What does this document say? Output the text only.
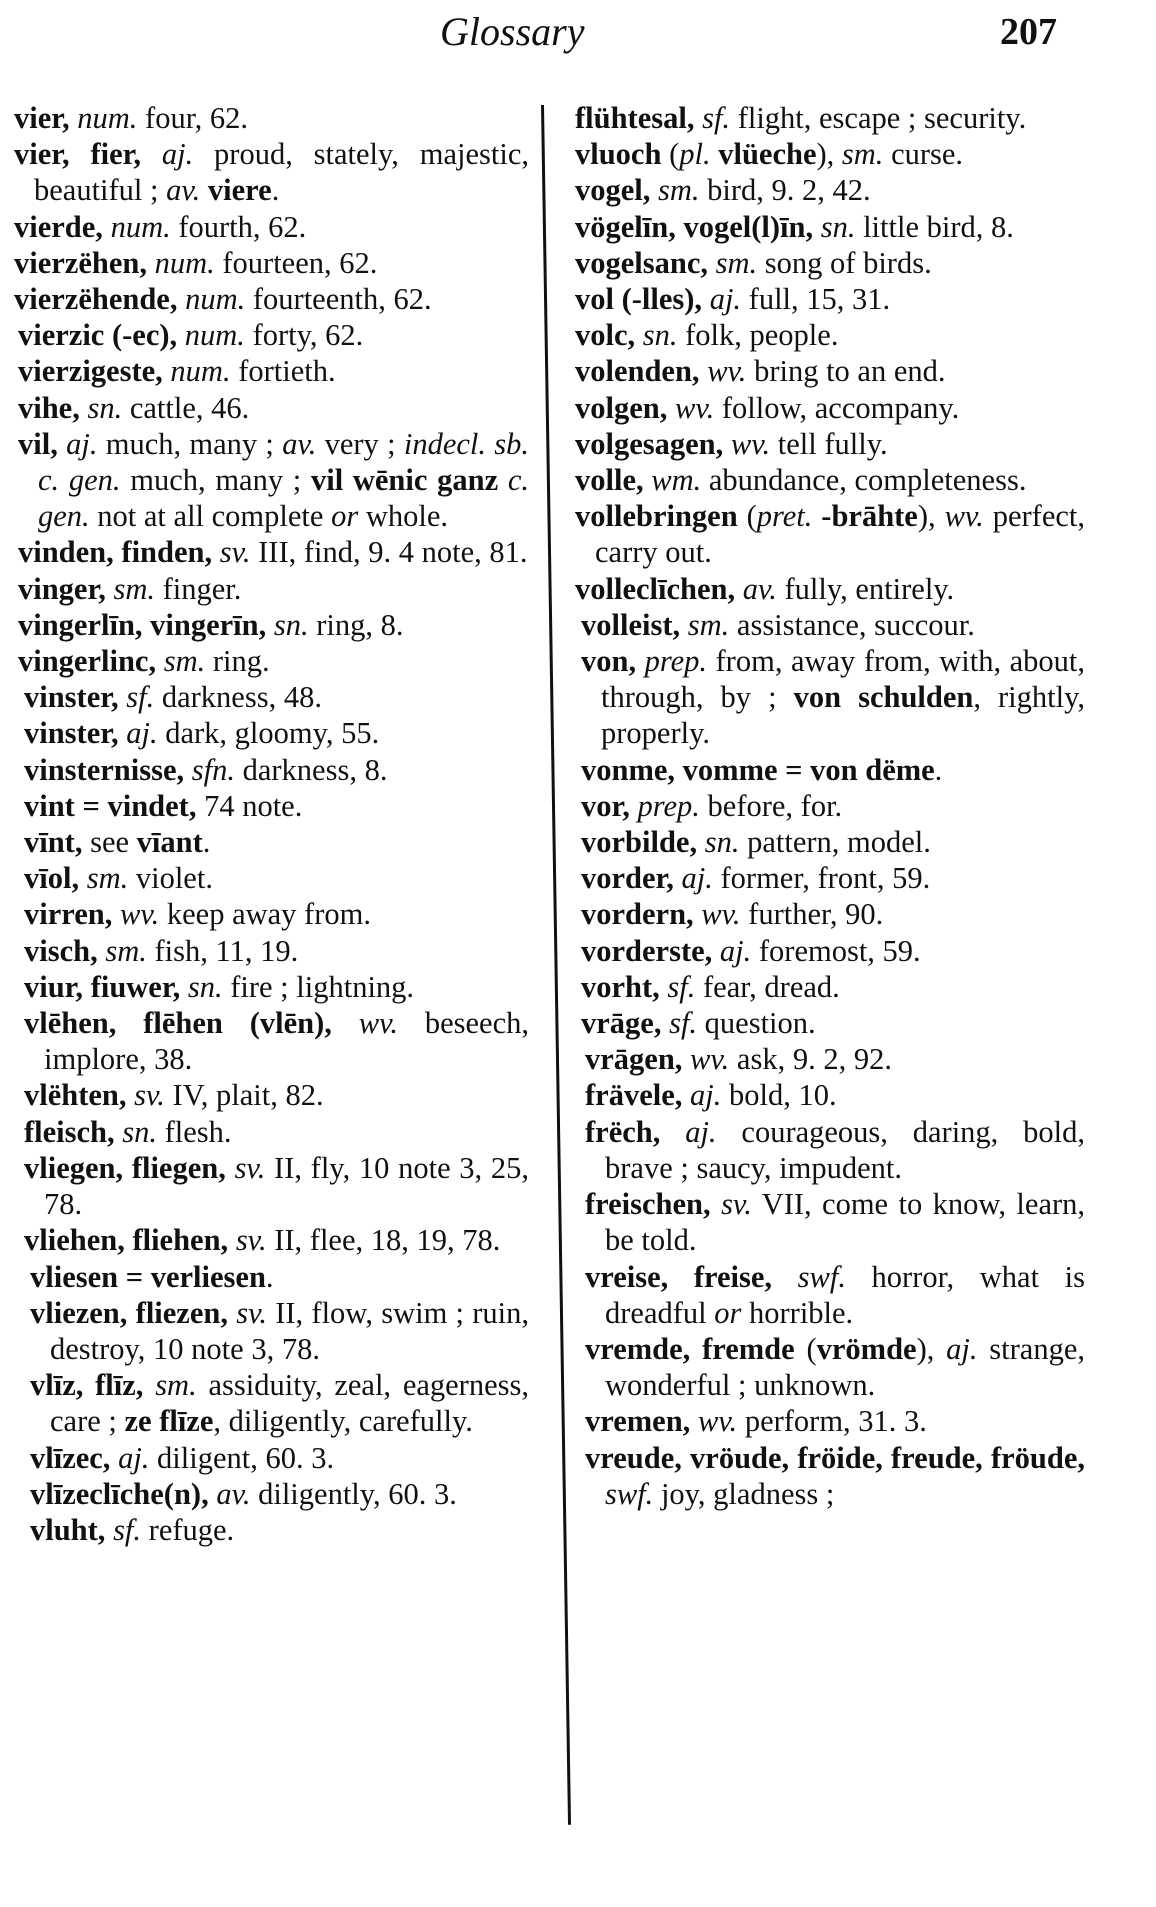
Glossary	207

vier, num. four, 62.

vier, fier, aj. proud, stately, majestic, beautiful ; av. viere.

vierde, num. fourth, 62.

vierzëhen, num. fourteen, 62.

vierzëhende, num. fourteenth, 62.

vierzic (-ec), num. forty, 62.

vierzigeste, num. fortieth.

vihe, sn. cattle, 46.

vil, aj. much, many ; av. very ; indecl. sb. c. gen. much, many ; vil wēnic ganz c. gen. not at all complete or whole.

vinden, finden, sv. III, find, 9. 4 note, 81.

vinger, sm. finger.

vingerlīn, vingerīn, sn. ring, 8.

vingerlinc, sm. ring.

vinster, sf. darkness, 48.

vinster, aj. dark, gloomy, 55.

vinsternisse, sfn. darkness, 8.

vint = vindet, 74 note.

vīnt, see vīant.

vīol, sm. violet.

virren, wv. keep away from.

visch, sm. fish, 11, 19.

viur, fiuwer, sn. fire ; lightning.

vlēhen, flēhen (vlēn), wv. beseech, implore, 38.

vlëhten, sv. IV, plait, 82.

fleisch, sn. flesh.

vliegen, fliegen, sv. II, fly, 10 note 3, 25, 78.

vliehen, fliehen, sv. II, flee, 18, 19, 78.

vliesen = verliesen.

vliezen, fliezen, sv. II, flow, swim ; ruin, destroy, 10 note 3, 78.

vlīz, flīz, sm. assiduity, zeal, eagerness, care ; ze flīze, diligently, carefully.

vlīzec, aj. diligent, 60. 3.

vlīzeclīche(n), av. diligently, 60. 3.

vluht, sf. refuge.

flühtesal, sf. flight, escape ; security.

vluoch (pl. vlüeche), sm. curse.

vogel, sm. bird, 9. 2, 42.

vögelīn, vogel(l)īn, sn. little bird, 8.

vogelsanc, sm. song of birds.

vol (-lles), aj. full, 15, 31.

volc, sn. folk, people.

volenden, wv. bring to an end.

volgen, wv. follow, accompany.

volgesagen, wv. tell fully.

volle, wm. abundance, completeness.

vollebringen (pret. -brāhte), wv. perfect, carry out.

volleclīchen, av. fully, entirely.

volleist, sm. assistance, succour.

von, prep. from, away from, with, about, through, by ; von schulden, rightly, properly.

vonme, vomme = von dëme.

vor, prep. before, for.

vorbilde, sn. pattern, model.

vorder, aj. former, front, 59.

vordern, wv. further, 90.

vorderste, aj. foremost, 59.

vorht, sf. fear, dread.

vrāge, sf. question.

vrāgen, wv. ask, 9. 2, 92.

frävele, aj. bold, 10.

frëch, aj. courageous, daring, bold, brave ; saucy, impudent.

freischen, sv. VII, come to know, learn, be told.

vreise, freise, swf. horror, what is dreadful or horrible.

vremde, fremde (vrömde), aj. strange, wonderful ; unknown.

vremen, wv. perform, 31. 3.

vreude, vröude, fröide, freude, fröude, swf. joy, gladness ;
